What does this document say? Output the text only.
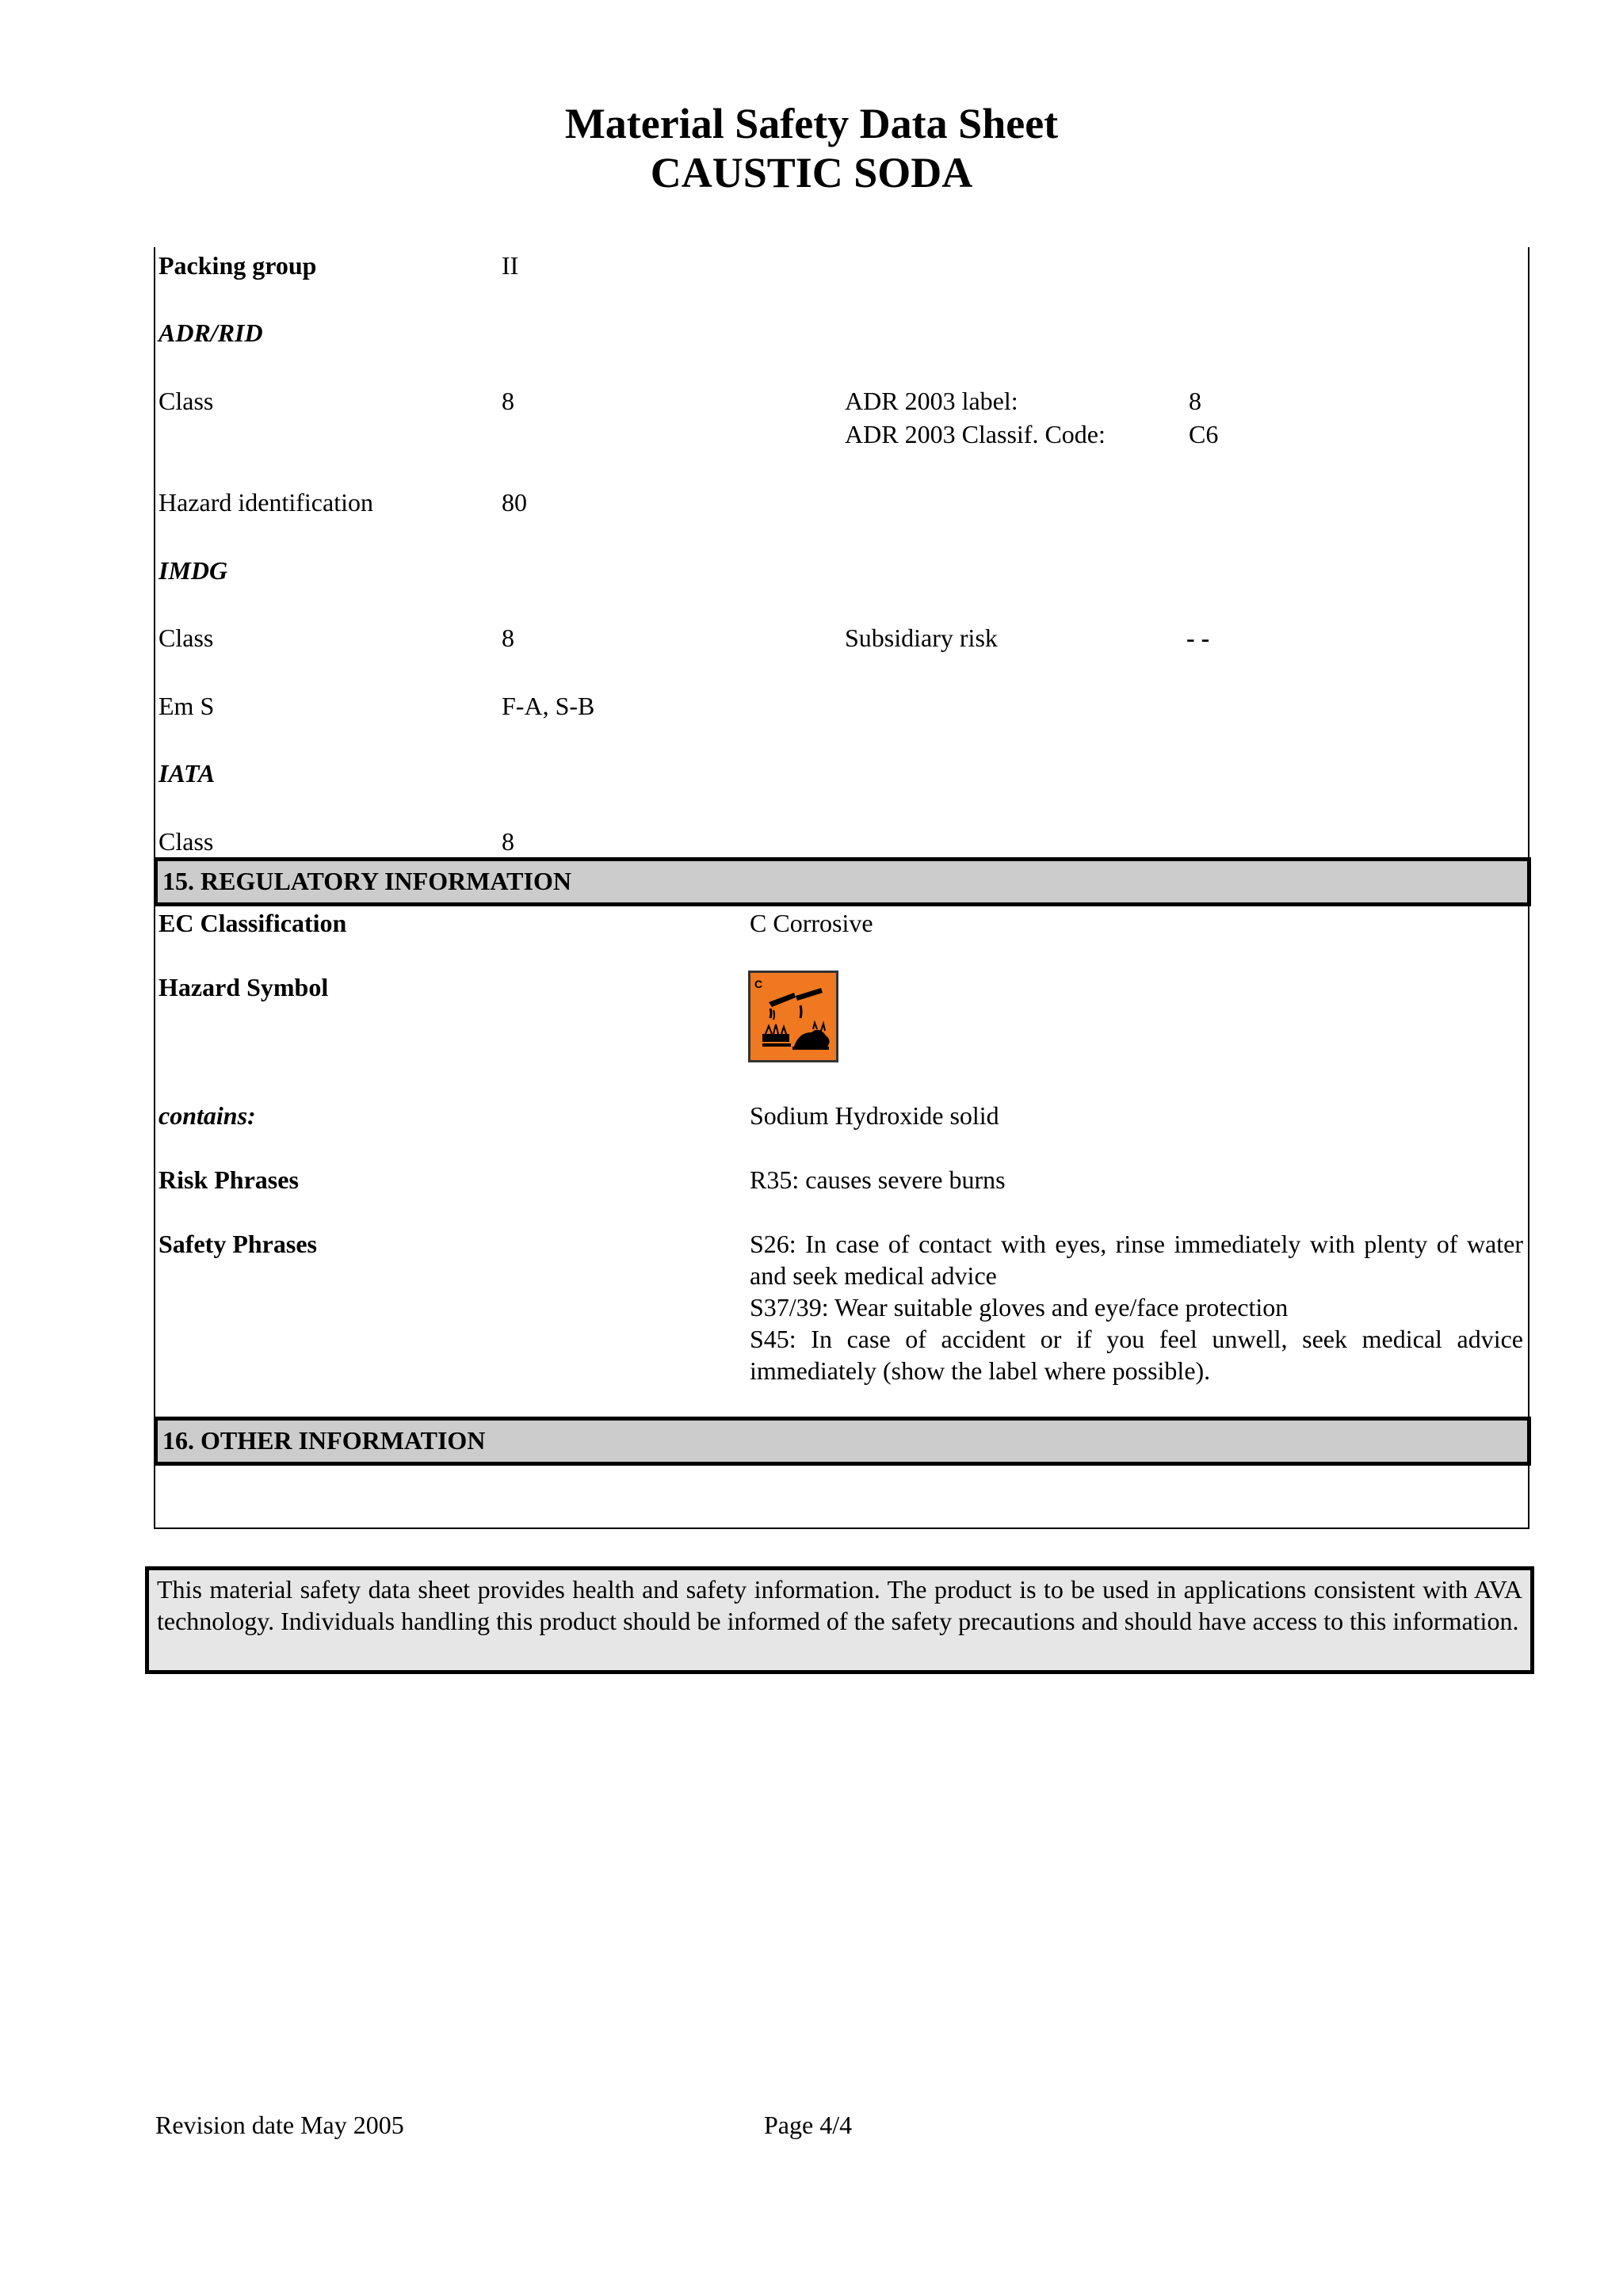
Material Safety Data Sheet
CAUSTIC SODA
Packing group	II
ADR/RID
Class	8	ADR 2003 label:	8
ADR 2003 Classif. Code:	C6
Hazard identification	80
IMDG
Class	8	Subsidiary risk	- -
Em S	F-A, S-B
IATA
Class	8
15. REGULATORY INFORMATION
EC Classification	C Corrosive
Hazard Symbol	C
contains:	Sodium Hydroxide solid
Risk Phrases	R35: causes severe burns
Safety Phrases	S26: In case of contact with eyes, rinse immediately with plenty of water and seek medical advice
S37/39: Wear suitable gloves and eye/face protection
S45: In case of accident or if you feel unwell, seek medical advice immediately (show the label where possible).
16. OTHER INFORMATION

This material safety data sheet provides health and safety information. The product is to be used in applications consistent with AVA technology. Individuals handling this product should be informed of the safety precautions and should have access to this information.

Revision date May 2005	Page 4/4
